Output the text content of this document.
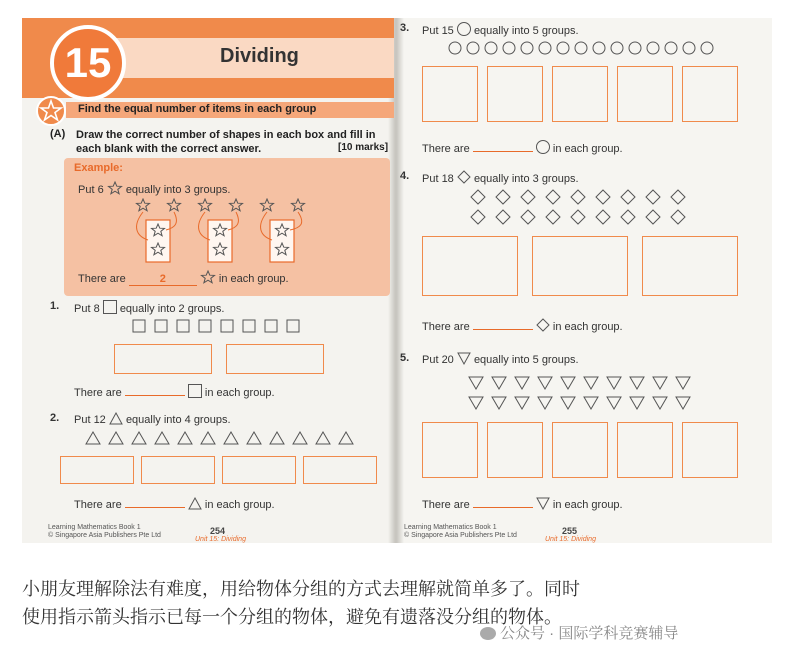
15	Dividing
Find the equal number of items in each group
(A) Draw the correct number of shapes in each box and fill in each blank with the correct answer.	[10 marks]
Example:
Put 6 equally into 3 groups.
There are	2	in each group.
1. Put 8 equally into 2 groups.
There are	in each group.
2. Put 12 equally into 4 groups.
There are	in each group.
Learning Mathematics Book 1
© Singapore Asia Publishers Pte Ltd	254
Unit 15: Dividing
3. Put 15 equally into 5 groups.
There are	in each group.
4. Put 18 equally into 3 groups.
There are	in each group.
5. Put 20 equally into 5 groups.
There are	in each group.
Learning Mathematics Book 1
© Singapore Asia Publishers Pte Ltd	255
Unit 15: Dividing
小朋友理解除法有难度，用给物体分组的方式去理解就简单多了。同时
使用指示箭头指示已每一个分组的物体，避免有遗落没分组的物体。
公众号 · 国际学科竞赛辅导
